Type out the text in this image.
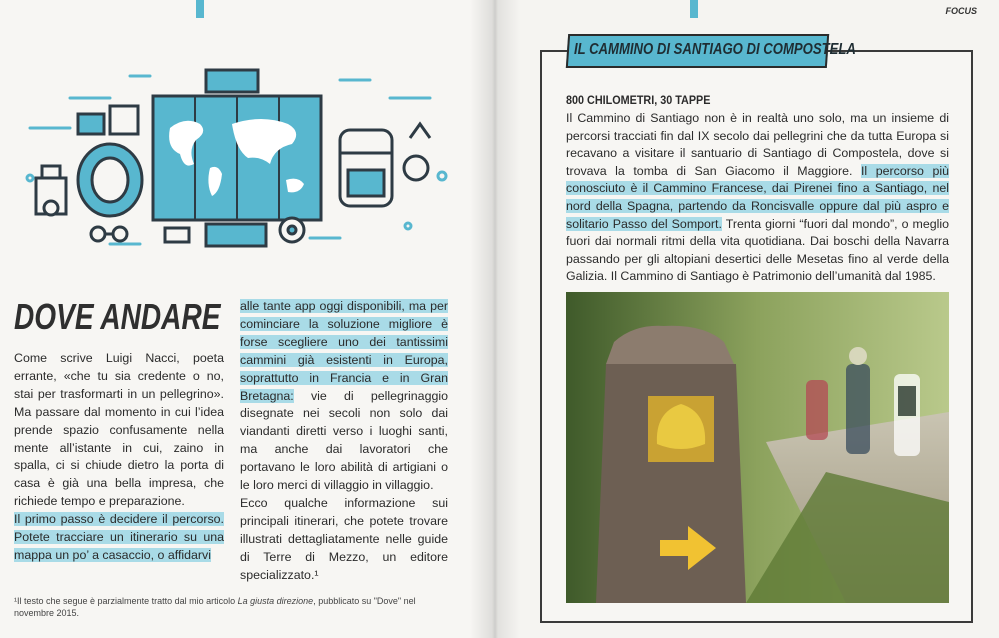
DOVE ANDARE

Come scrive Luigi Nacci, poeta errante, «che tu sia credente o no, stai per trasformarti in un pellegrino». Ma passare dal momento in cui l’idea prende spazio confusamente nella mente all’istante in cui, zaino in spalla, ci si chiude dietro la porta di casa è già una bella impresa, che richiede tempo e preparazione.

Il primo passo è decidere il percorso. Potete tracciare un itinerario su una mappa un po’ a casaccio, o affidarvi

alle tante app oggi disponibili, ma per cominciare la soluzione migliore è forse scegliere uno dei tantissimi cammini già esistenti in Europa, soprattutto in Francia e in Gran Bretagna: vie di pellegrinaggio disegnate nei secoli non solo dai viandanti diretti verso i luoghi santi, ma anche dai lavoratori che portavano le loro abilità di artigiani o le loro merci di villaggio in villaggio.

Ecco qualche informazione sui principali itinerari, che potete trovare illustrati dettagliatamente nelle guide di Terre di Mezzo, un editore specializzato.¹

¹Il testo che segue è parzialmente tratto dal mio articolo La giusta direzione, pubblicato su "Dove" nel novembre 2015.
FOCUS
IL CAMMINO DI SANTIAGO DI COMPOSTELA
800 CHILOMETRI, 30 TAPPE
Il Cammino di Santiago non è in realtà uno solo, ma un insieme di percorsi tracciati fin dal IX secolo dai pellegrini che da tutta Europa si recavano a visitare il santuario di Santiago di Compostela, dove si trovava la tomba di San Giacomo il Maggiore. Il percorso più conosciuto è il Cammino Francese, dai Pirenei fino a Santiago, nel nord della Spagna, partendo da Roncisvalle oppure dal più aspro e solitario Passo del Somport. Trenta giorni “fuori dal mondo”, o meglio fuori dai normali ritmi della vita quotidiana. Dai boschi della Navarra passando per gli altopiani desertici delle Mesetas fino al verde della Galizia. Il Cammino di Santiago è Patrimonio dell’umanità dal 1985.
